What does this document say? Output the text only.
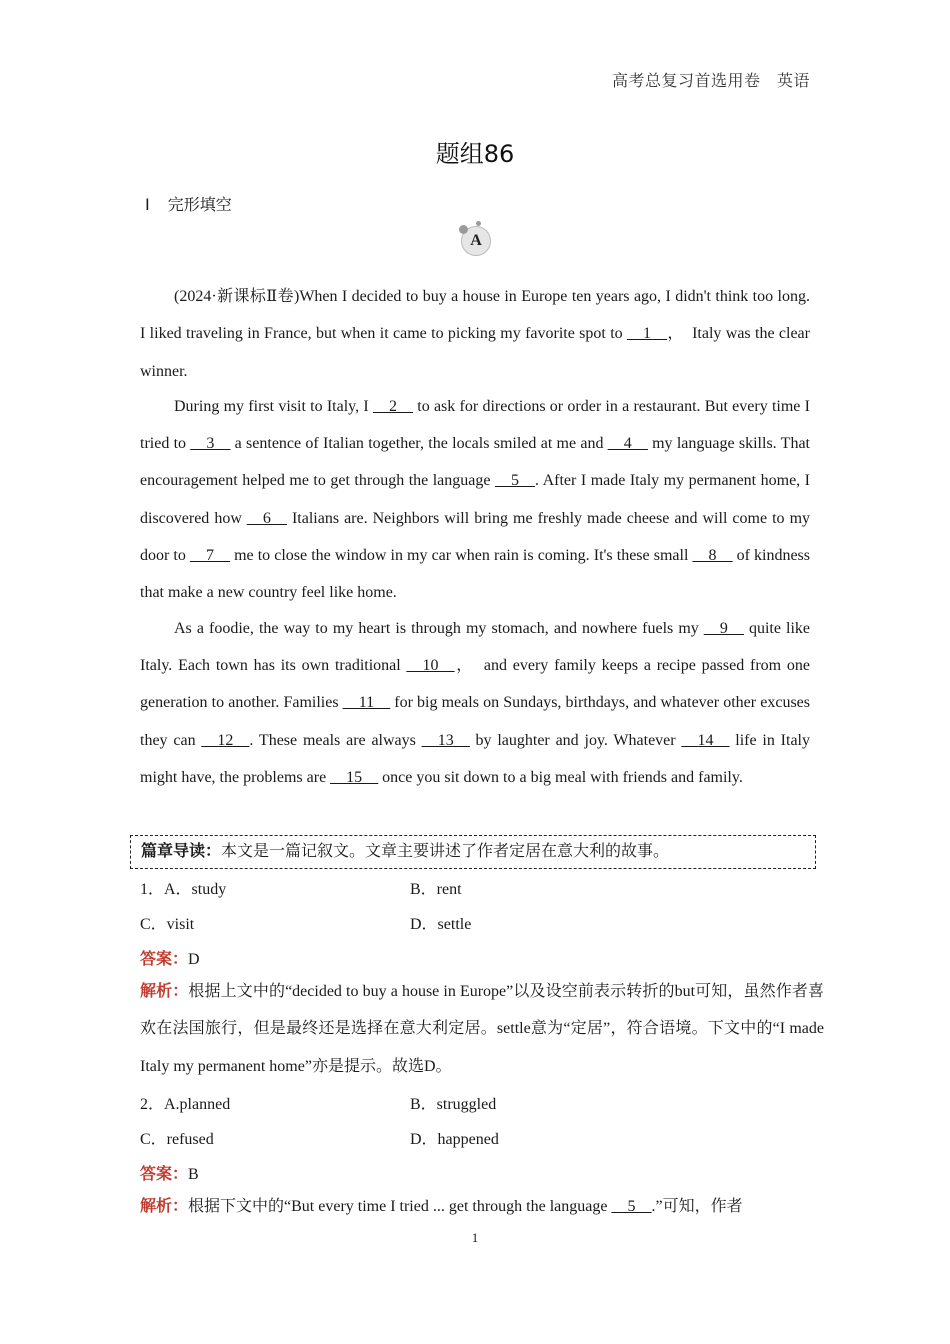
高考总复习首选用卷　英语
题组86
Ⅰ 完形填空
A

(2024·新课标Ⅱ卷)When I decided to buy a house in Europe ten years ago, I didn't think too long. I liked traveling in France, but when it came to picking my favorite spot to __1__，　Italy was the clear winner.

During my first visit to Italy, I __2__ to ask for directions or order in a restaurant. But every time I tried to __3__ a sentence of Italian together, the locals smiled at me and __4__ my language skills. That encouragement helped me to get through the language __5__. After I made Italy my permanent home, I discovered how __6__ Italians are. Neighbors will bring me freshly made cheese and will come to my door to __7__ me to close the window in my car when rain is coming. It's these small __8__ of kindness that make a new country feel like home.

As a foodie, the way to my heart is through my stomach, and nowhere fuels my __9__ quite like Italy. Each town has its own traditional __10__，　and every family keeps a recipe passed from one generation to another. Families __11__ for big meals on Sundays, birthdays, and whatever other excuses they can __12__. These meals are always __13__ by laughter and joy. Whatever __14__ life in Italy might have, the problems are __15__ once you sit down to a big meal with friends and family.

篇章导读：本文是一篇记叙文。文章主要讲述了作者定居在意大利的故事。
1．A．study	B．rent
C．visit	D．settle
答案：D
解析：根据上文中的“decided to buy a house in Europe”以及设空前表示转折的but可知，虽然作者喜欢在法国旅行，但是最终还是选择在意大利定居。settle意为“定居”，符合语境。下文中的“I made Italy my permanent home”亦是提示。故选D。
2．A.planned	B．struggled
C．refused	D．happened
答案：B
解析：根据下文中的“But every time I tried ... get through the language __5__.”可知，作者
1
